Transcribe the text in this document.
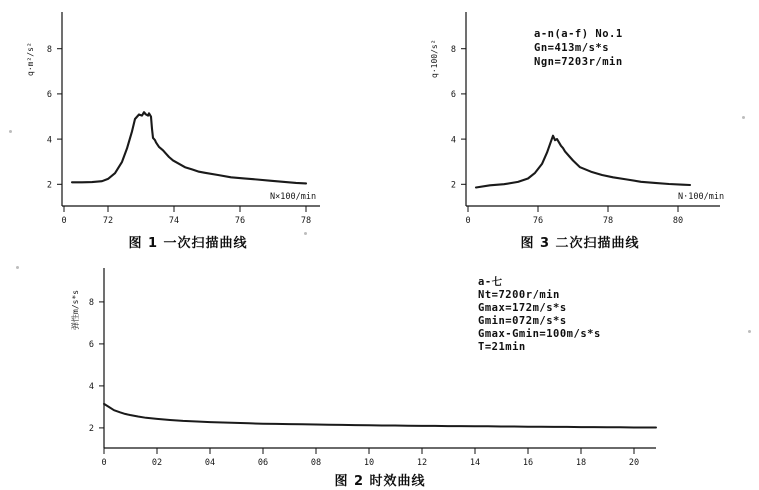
2
4
6
8
0	72	74	76	78
N×100/min
q·m²/s²
图 1 一次扫描曲线
2
4
6
8
0	76	78	80
N·100/min
q·100/s²
a-n(a-f) No.1
Gn=413m/s*s
Ngn=7203r/min
图 3 二次扫描曲线
2
4
6
8
0	02	04	06	08	10	12	14	16	18	20
弹性m/s*s
a-七
Nt=7200r/min
Gmax=172m/s*s
Gmin=072m/s*s
Gmax-Gmin=100m/s*s
T=21min
图 2 时效曲线
